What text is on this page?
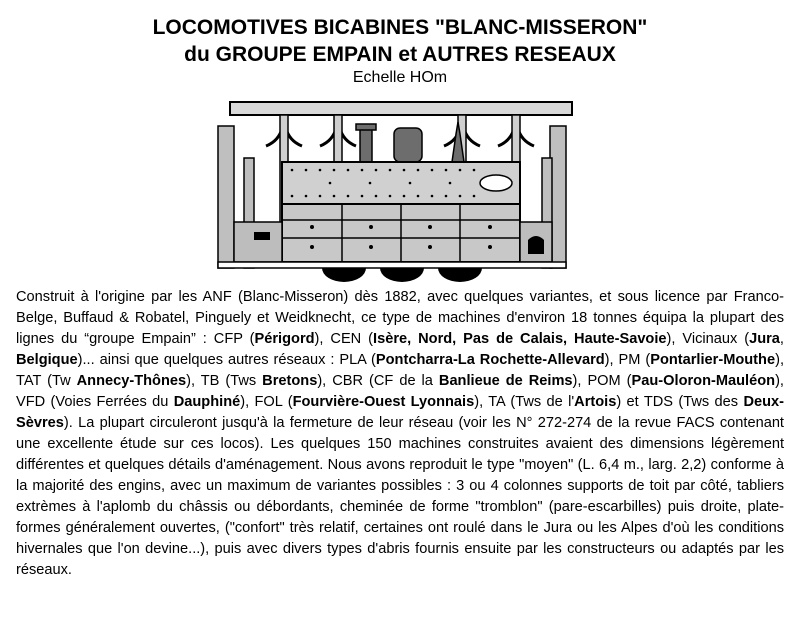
LOCOMOTIVES BICABINES "BLANC-MISSERON"
du GROUPE EMPAIN et AUTRES RESEAUX
Echelle HOm

Construit à l'origine par les ANF (Blanc-Misseron) dès 1882, avec quelques variantes, et sous licence par Franco-Belge, Buffaud & Robatel, Pinguely et Weidknecht, ce type de machines d'environ 18 tonnes équipa la plupart des lignes du “groupe Empain” : CFP (Périgord), CEN (Isère, Nord, Pas de Calais, Haute-Savoie), Vicinaux (Jura, Belgique)... ainsi que quelques autres réseaux : PLA (Pontcharra-La Rochette-Allevard), PM (Pontarlier-Mouthe), TAT (Tw Annecy-Thônes), TB (Tws Bretons), CBR (CF de la Banlieue de Reims), POM (Pau-Oloron-Mauléon), VFD (Voies Ferrées du Dauphiné), FOL (Fourvière-Ouest Lyonnais), TA (Tws de l'Artois) et TDS (Tws des Deux-Sèvres). La plupart circuleront jusqu'à la fermeture de leur réseau (voir les N° 272-274 de la revue FACS contenant une excellente étude sur ces locos). Les quelques 150 machines construites avaient des dimensions légèrement différentes et quelques détails d'aménagement. Nous avons reproduit le type "moyen" (L. 6,4 m., larg. 2,2) conforme à la majorité des engins, avec un maximum de variantes possibles : 3 ou 4 colonnes supports de toit par côté, tabliers extrèmes à l'aplomb du châssis ou débordants, cheminée de forme "tromblon" (pare-escarbilles) puis droite, plate-formes généralement ouvertes, ("confort" très relatif, certaines ont roulé dans le Jura ou les Alpes d'où les conditions hivernales que l'on devine...), puis avec divers types d'abris fournis ensuite par les constructeurs ou adaptés par les réseaux.
